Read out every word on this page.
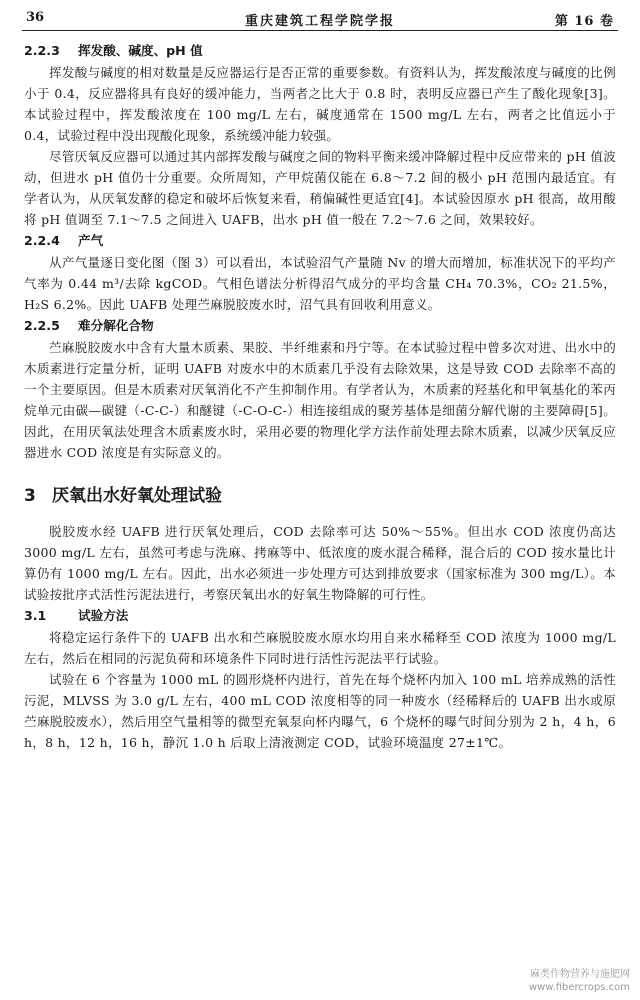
36	重庆建筑工程学院学报	第 16 卷
2.2.3 挥发酸、碱度、pH 值

挥发酸与碱度的相对数量是反应器运行是否正常的重要参数。有资料认为，挥发酸浓度与碱度的比例小于 0.4，反应器将具有良好的缓冲能力，当两者之比大于 0.8 时，表明反应器已产生了酸化现象[3]。本试验过程中，挥发酸浓度在 100 mg/L 左右，碱度通常在 1500 mg/L 左右，两者之比值远小于 0.4，试验过程中没出现酸化现象，系统缓冲能力较强。

尽管厌氧反应器可以通过其内部挥发酸与碱度之间的物料平衡来缓冲降解过程中反应带来的 pH 值波动，但进水 pH 值仍十分重要。众所周知，产甲烷菌仅能在 6.8～7.2 间的极小 pH 范围内最适宜。有学者认为，从厌氧发酵的稳定和破坏后恢复来看，稍偏碱性更适宜[4]。本试验因原水 pH 很高，故用酸将 pH 值调至 7.1～7.5 之间进入 UAFB，出水 pH 值一般在 7.2～7.6 之间，效果较好。

2.2.4 产气

从产气量逐日变化图（图 3）可以看出，本试验沼气产量随 Nv 的增大而增加，标准状况下的平均产气率为 0.44 m³/去除 kgCOD。气相色谱法分析得沼气成分的平均含量 CH₄ 70.3%，CO₂ 21.5%，H₂S 6.2%。因此 UAFB 处理苎麻脱胶废水时，沼气具有回收利用意义。

2.2.5 难分解化合物

苎麻脱胶废水中含有大量木质素、果胶、半纤维素和丹宁等。在本试验过程中曾多次对进、出水中的木质素进行定量分析，证明 UAFB 对废水中的木质素几乎没有去除效果，这是导致 COD 去除率不高的一个主要原因。但是木质素对厌氧消化不产生抑制作用。有学者认为，木质素的羟基化和甲氧基化的苯丙烷单元由碳—碳键（-C-C-）和醚键（-C-O-C-）相连接组成的聚芳基体是细菌分解代谢的主要障碍[5]。因此，在用厌氧法处理含木质素废水时，采用必要的物理化学方法作前处理去除木质素，以减少厌氧反应器进水 COD 浓度是有实际意义的。

3 厌氧出水好氧处理试验

脱胶废水经 UAFB 进行厌氧处理后，COD 去除率可达 50%～55%。但出水 COD 浓度仍高达 3000 mg/L 左右，虽然可考虑与洗麻、拷麻等中、低浓度的废水混合稀释，混合后的 COD 按水量比计算仍有 1000 mg/L 左右。因此，出水必须进一步处理方可达到排放要求（国家标准为 300 mg/L）。本试验按批序式活性污泥法进行，考察厌氧出水的好氧生物降解的可行性。

3.1	试验方法

将稳定运行条件下的 UAFB 出水和苎麻脱胶废水原水均用自来水稀释至 COD 浓度为 1000 mg/L 左右，然后在相同的污泥负荷和环境条件下同时进行活性污泥法平行试验。

试验在 6 个容量为 1000 mL 的圆形烧杯内进行，首先在每个烧杯内加入 100 mL 培养成熟的活性污泥，MLVSS 为 3.0 g/L 左右，400 mL COD 浓度相等的同一种废水（经稀释后的 UAFB 出水或原苎麻脱胶废水），然后用空气量相等的微型充氧泵向杯内曝气，6 个烧杯的曝气时间分别为 2 h，4 h，6 h，8 h，12 h，16 h，静沉 1.0 h 后取上清液测定 COD，试验环境温度 27±1℃。

麻类作物营养与施肥网
www.fibercrops.com
